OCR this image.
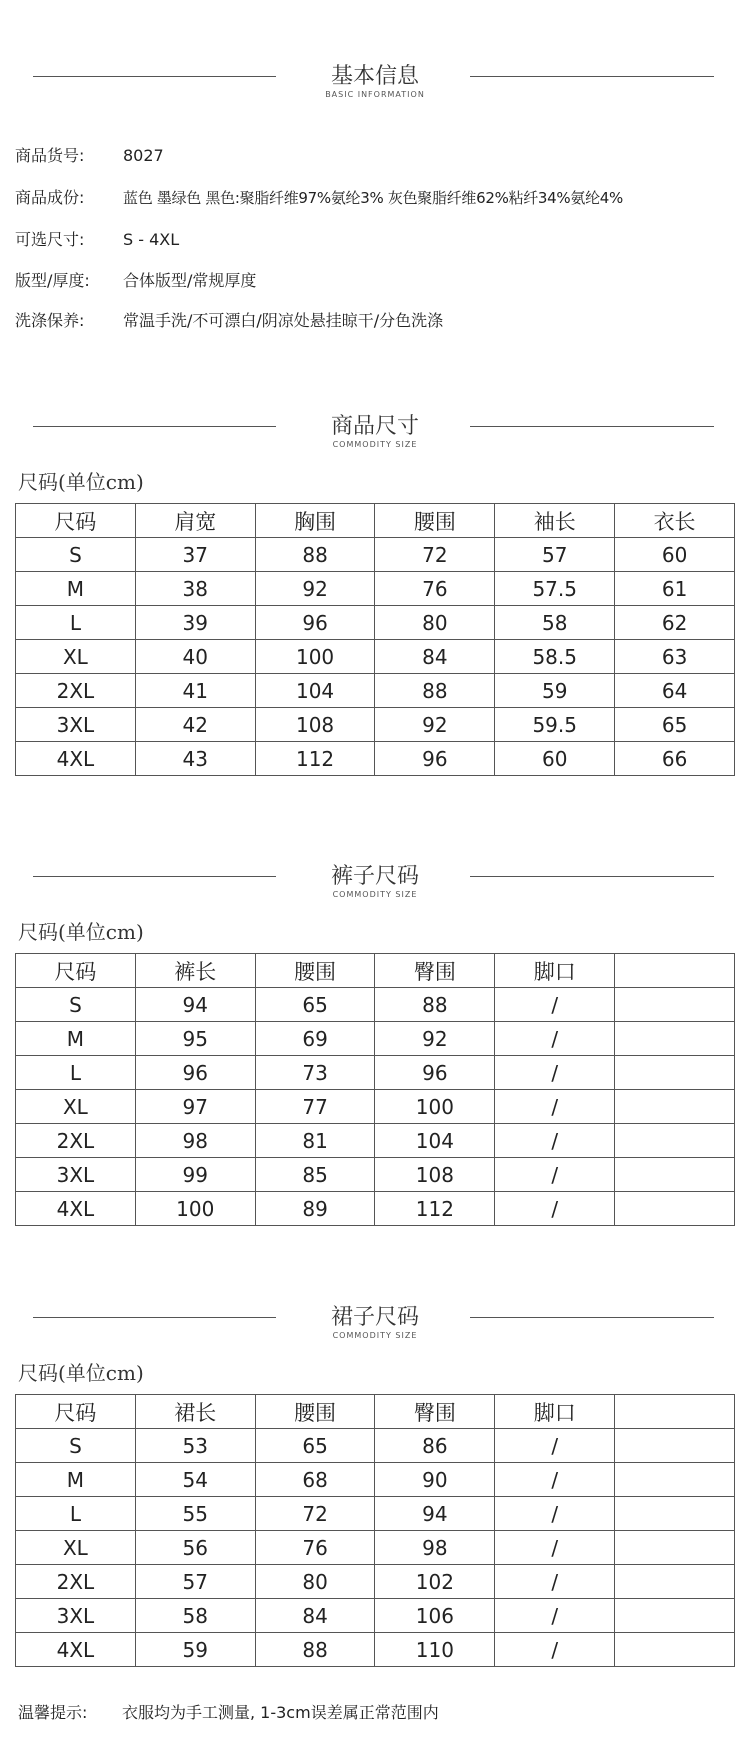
基本信息
BASIC INFORMATION
商品货号: 8027
商品成份:	蓝色 墨绿色 黑色:聚脂纤维97%氨纶3% 灰色聚脂纤维62%粘纤34%氨纶4%
可选尺寸: S - 4XL
版型/厚度: 合体版型/常规厚度
洗涤保养: 常温手洗/不可漂白/阴凉处悬挂晾干/分色洗涤
商品尺寸
COMMODITY SIZE
尺码(单位cm)
尺码	肩宽	胸围	腰围	袖长	衣长
S	37	88	72	57	60
M	38	92	76	57.5	61
L	39	96	80	58	62
XL	40	100	84	58.5	63
2XL	41	104	88	59	64
3XL	42	108	92	59.5	65
4XL	43	112	96	60	66
裤子尺码
COMMODITY SIZE
尺码(单位cm)
尺码	裤长	腰围	臀围	脚口	
S	94	65	88	/	
M	95	69	92	/	
L	96	73	96	/	
XL	97	77	100	/	
2XL	98	81	104	/	
3XL	99	85	108	/	
4XL	100	89	112	/	
裙子尺码
COMMODITY SIZE
尺码(单位cm)
尺码	裙长	腰围	臀围	脚口	
S	53	65	86	/	
M	54	68	90	/	
L	55	72	94	/	
XL	56	76	98	/	
2XL	57	80	102	/	
3XL	58	84	106	/	
4XL	59	88	110	/	
温馨提示: 衣服均为手工测量, 1-3cm误差属正常范围内
